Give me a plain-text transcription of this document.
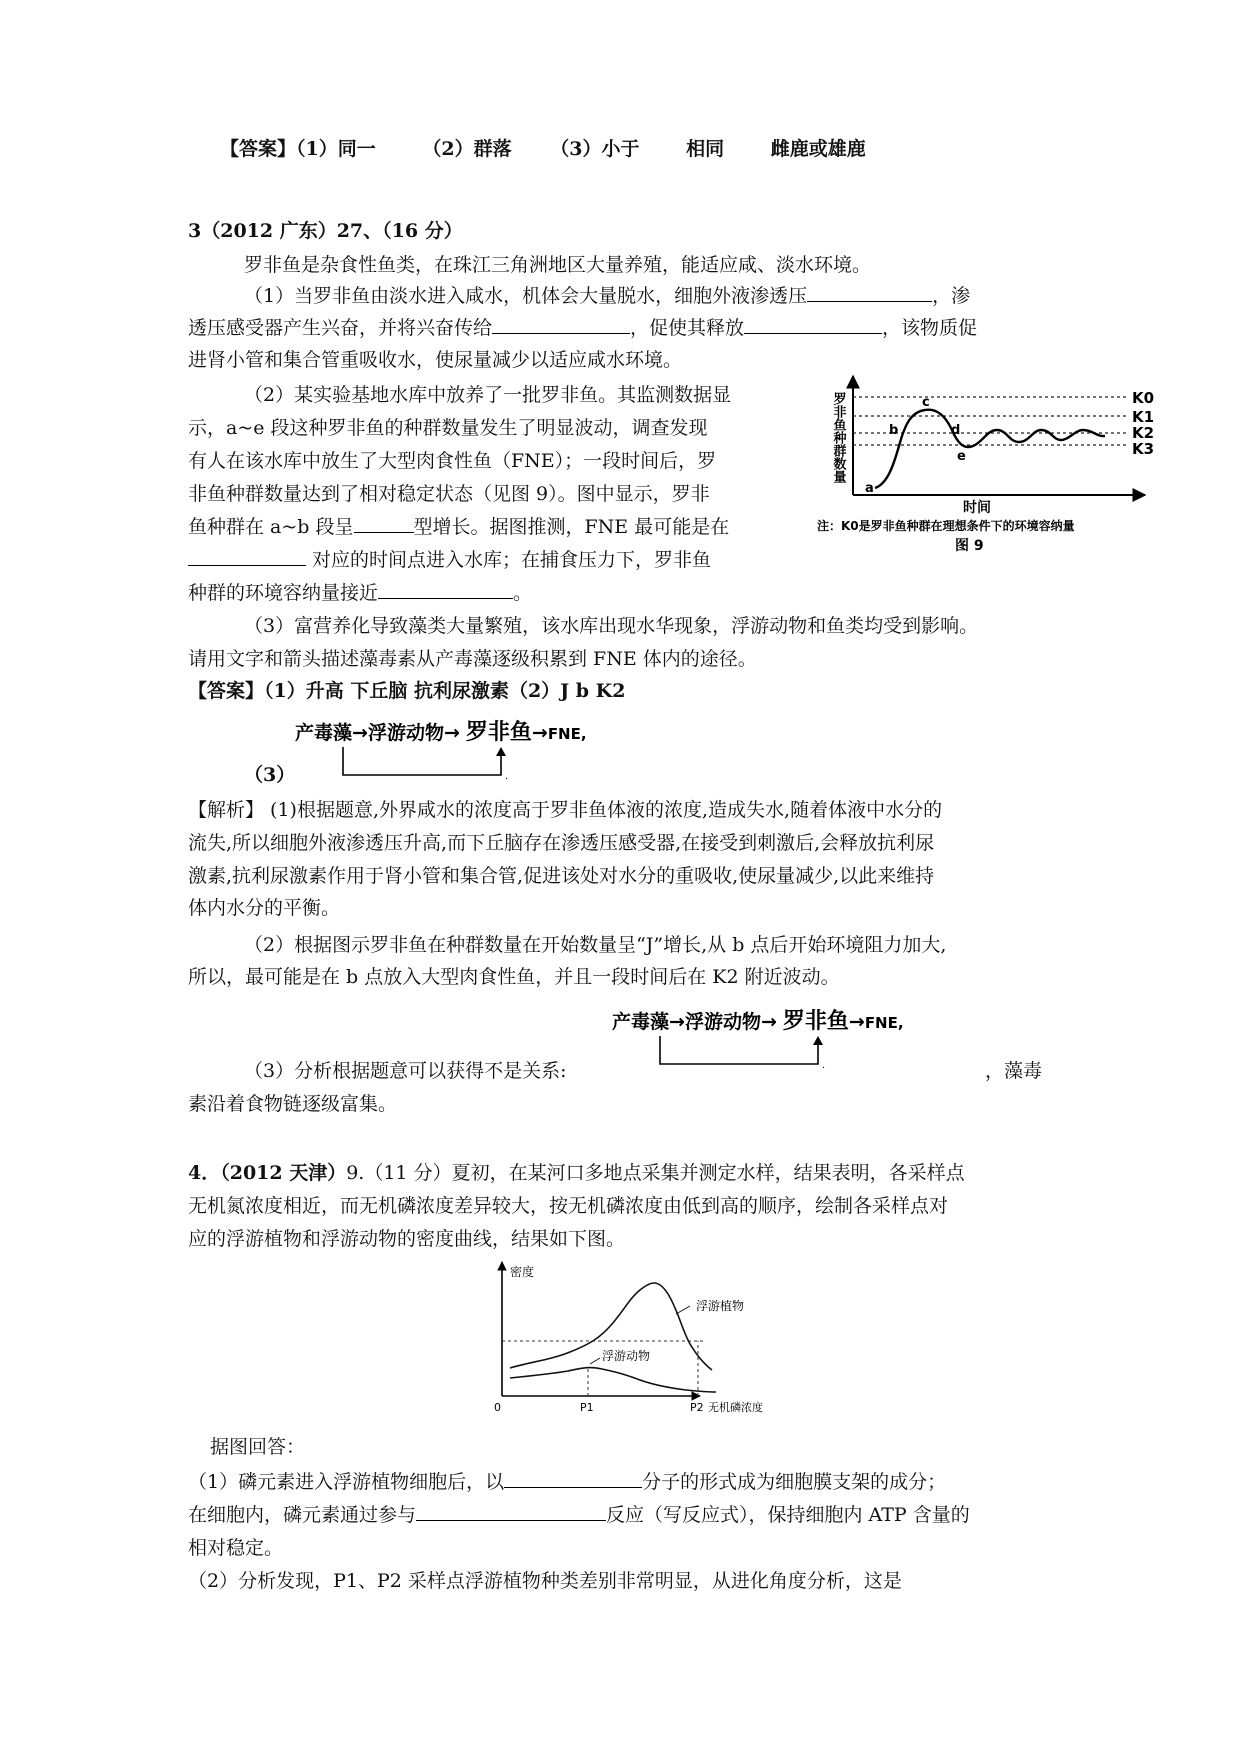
【答案】（1）同一 （2）群落 （3）小于 相同 雌鹿或雄鹿
3（2012 广东）27、（16 分）
罗非鱼是杂食性鱼类，在珠江三角洲地区大量养殖，能适应咸、淡水环境。
（1）当罗非鱼由淡水进入咸水，机体会大量脱水，细胞外液渗透压	，渗
透压感受器产生兴奋，并将兴奋传给	，促使其释放	，该物质促
进肾小管和集合管重吸收水，使尿量减少以适应咸水环境。
（2）某实验基地水库中放养了一批罗非鱼。其监测数据显
示，a~e 段这种罗非鱼的种群数量发生了明显波动，调查发现
有人在该水库中放生了大型肉食性鱼（FNE）；一段时间后，罗
非鱼种群数量达到了相对稳定状态（见图 9）。图中显示，罗非
鱼种群在 a~b 段呈	型增长。据图推测，FNE 最可能是在
对应的时间点进入水库；在捕食压力下，罗非鱼
种群的环境容纳量接近	。
K0
K1
K2
K3
a
b
c
d
e
罗非鱼种群数量
时间
注：K0是罗非鱼种群在理想条件下的环境容纳量
图 9
（3）富营养化导致藻类大量繁殖，该水库出现水华现象，浮游动物和鱼类均受到影响。
请用文字和箭头描述藻毒素从产毒藻逐级积累到 FNE 体内的途径。
【答案】（1）升高 下丘脑 抗利尿激素（2）J b K2
产毒藻→浮游动物→ 罗非鱼→FNE,
.
（3）
【解析】 (1)根据题意,外界咸水的浓度高于罗非鱼体液的浓度,造成失水,随着体液中水分的
流失,所以细胞外液渗透压升高,而下丘脑存在渗透压感受器,在接受到刺激后,会释放抗利尿
激素,抗利尿激素作用于肾小管和集合管,促进该处对水分的重吸收,使尿量减少,以此来维持
体内水分的平衡。
（2）根据图示罗非鱼在种群数量在开始数量呈“J”增长,从 b 点后开始环境阻力加大,
所以，最可能是在 b 点放入大型肉食性鱼，并且一段时间后在 K2 附近波动。
产毒藻→浮游动物→ 罗非鱼→FNE,
.
（3）分析根据题意可以获得不是关系:	，藻毒
素沿着食物链逐级富集。
4．（2012 天津）9.（11 分）夏初，在某河口多地点采集并测定水样，结果表明，各采样点
无机氮浓度相近，而无机磷浓度差异较大，按无机磷浓度由低到高的顺序，绘制各采样点对
应的浮游植物和浮游动物的密度曲线，结果如下图。
密度
0	P1	P2 无机磷浓度
浮游植物
浮游动物
据图回答：
（1）磷元素进入浮游植物细胞后，以	分子的形式成为细胞膜支架的成分；
在细胞内，磷元素通过参与	反应（写反应式），保持细胞内 ATP 含量的
相对稳定。
（2）分析发现，P1、P2 采样点浮游植物种类差别非常明显，从进化角度分析，这是
